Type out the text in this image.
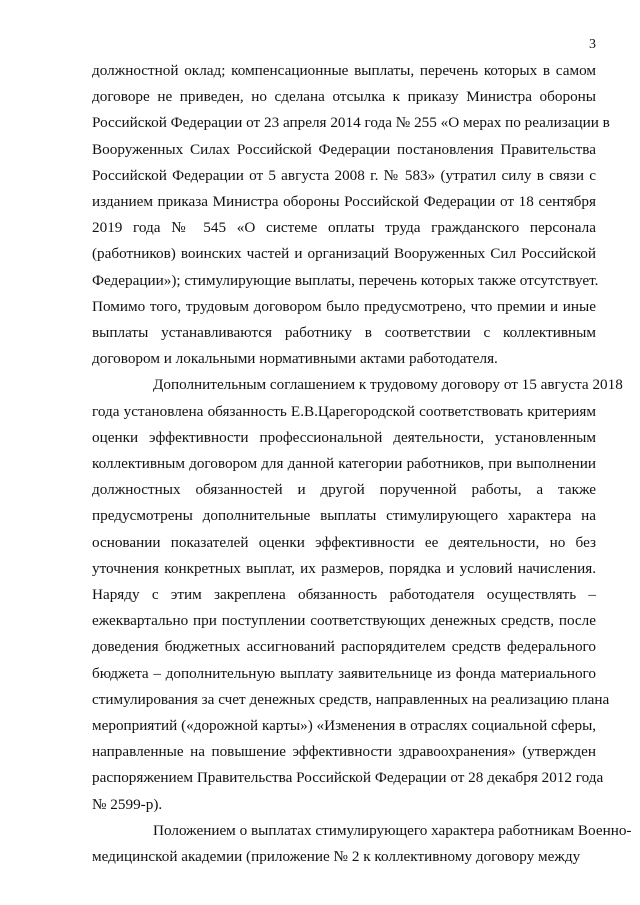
3
должностной оклад; компенсационные выплаты, перечень которых в самом
договоре не приведен, но сделана отсылка к приказу Министра обороны
Российской Федерации от 23 апреля 2014 года № 255 «О мерах по реализации в
Вооруженных Силах Российской Федерации постановления Правительства
Российской Федерации от 5 августа 2008 г. № 583» (утратил силу в связи с
изданием приказа Министра обороны Российской Федерации от 18 сентября
2019 года № 545 «О системе оплаты труда гражданского персонала
(работников) воинских частей и организаций Вооруженных Сил Российской
Федерации»); стимулирующие выплаты, перечень которых также отсутствует.
Помимо того, трудовым договором было предусмотрено, что премии и иные
выплаты устанавливаются работнику в соответствии с коллективным
договором и локальными нормативными актами работодателя.
Дополнительным соглашением к трудовому договору от 15 августа 2018
года установлена обязанность Е.В.Царегородской соответствовать критериям
оценки эффективности профессиональной деятельности, установленным
коллективным договором для данной категории работников, при выполнении
должностных обязанностей и другой порученной работы, а также
предусмотрены дополнительные выплаты стимулирующего характера на
основании показателей оценки эффективности ее деятельности, но без
уточнения конкретных выплат, их размеров, порядка и условий начисления.
Наряду с этим закреплена обязанность работодателя осуществлять –
ежеквартально при поступлении соответствующих денежных средств, после
доведения бюджетных ассигнований распорядителем средств федерального
бюджета – дополнительную выплату заявительнице из фонда материального
стимулирования за счет денежных средств, направленных на реализацию плана
мероприятий («дорожной карты») «Изменения в отраслях социальной сферы,
направленные на повышение эффективности здравоохранения» (утвержден
распоряжением Правительства Российской Федерации от 28 декабря 2012 года
№ 2599-р).
Положением о выплатах стимулирующего характера работникам Военно-
медицинской академии (приложение № 2 к коллективному договору между
